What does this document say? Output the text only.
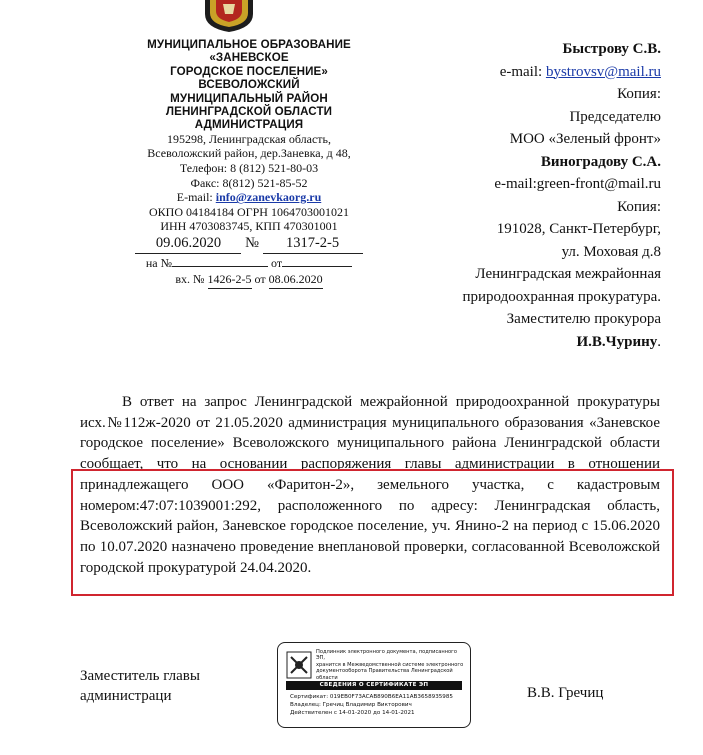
МУНИЦИПАЛЬНОЕ ОБРАЗОВАНИЕ
«ЗАНЕВСКОЕ
ГОРОДСКОЕ ПОСЕЛЕНИЕ»
ВСЕВОЛОЖСКИЙ
МУНИЦИПАЛЬНЫЙ РАЙОН
ЛЕНИНГРАДСКОЙ ОБЛАСТИ
АДМИНИСТРАЦИЯ
195298, Ленинградская область,
Всеволожский район, дер.Заневка, д 48,
Телефон: 8 (812) 521-80-03
Факс: 8(812) 521-85-52
E-mail: info@zanevkaorg.ru
ОКПО 04184184 ОГРН 1064703001021
ИНН 4703083745, КПП 470301001
09.06.2020 № 1317-2-5
на №	от
вх. № 1426-2-5 от 08.06.2020
Быстрову С.В.
e-mail: bystrovsv@mail.ru
Копия:
Председателю
МОО «Зеленый фронт»
Виноградову С.А.
e-mail:green-front@mail.ru
Копия:
191028, Санкт-Петербург,
ул. Моховая д.8
Ленинградская межрайонная
природоохранная прокуратура.
Заместителю прокурора
И.В.Чурину.

В ответ на запрос Ленинградской межрайонной природоохранной прокуратуры исх.№112ж-2020 от 21.05.2020 администрация муниципального образования «Заневское городское поселение» Всеволожского муниципального района Ленинградской области сообщает, что на основании распоряжения главы администрации в отношении принадлежащего ООО «Фаритон-2», земельного участка, с кадастровым номером:47:07:1039001:292, расположенного по адресу: Ленинградская область, Всеволожский район, Заневское городское поселение, уч. Янино-2 на период с 15.06.2020 по 10.07.2020 назначено проведение внеплановой проверки, согласованной Всеволожской городской прокуратурой 24.04.2020.

Заместитель главы
администраци
Подлинник электронного документа, подписанного ЭП,
хранится в Межведомственной системе электронного
документооборота Правительства Ленинградской области
СВЕДЕНИЯ О СЕРТИФИКАТЕ ЭП
Сертификат: 019EB0F73ACAB890B6EA11AB3658935985
Владелец: Гречиц Владимир Викторович
Действителен с 14-01-2020 до 14-01-2021
В.В. Гречиц
